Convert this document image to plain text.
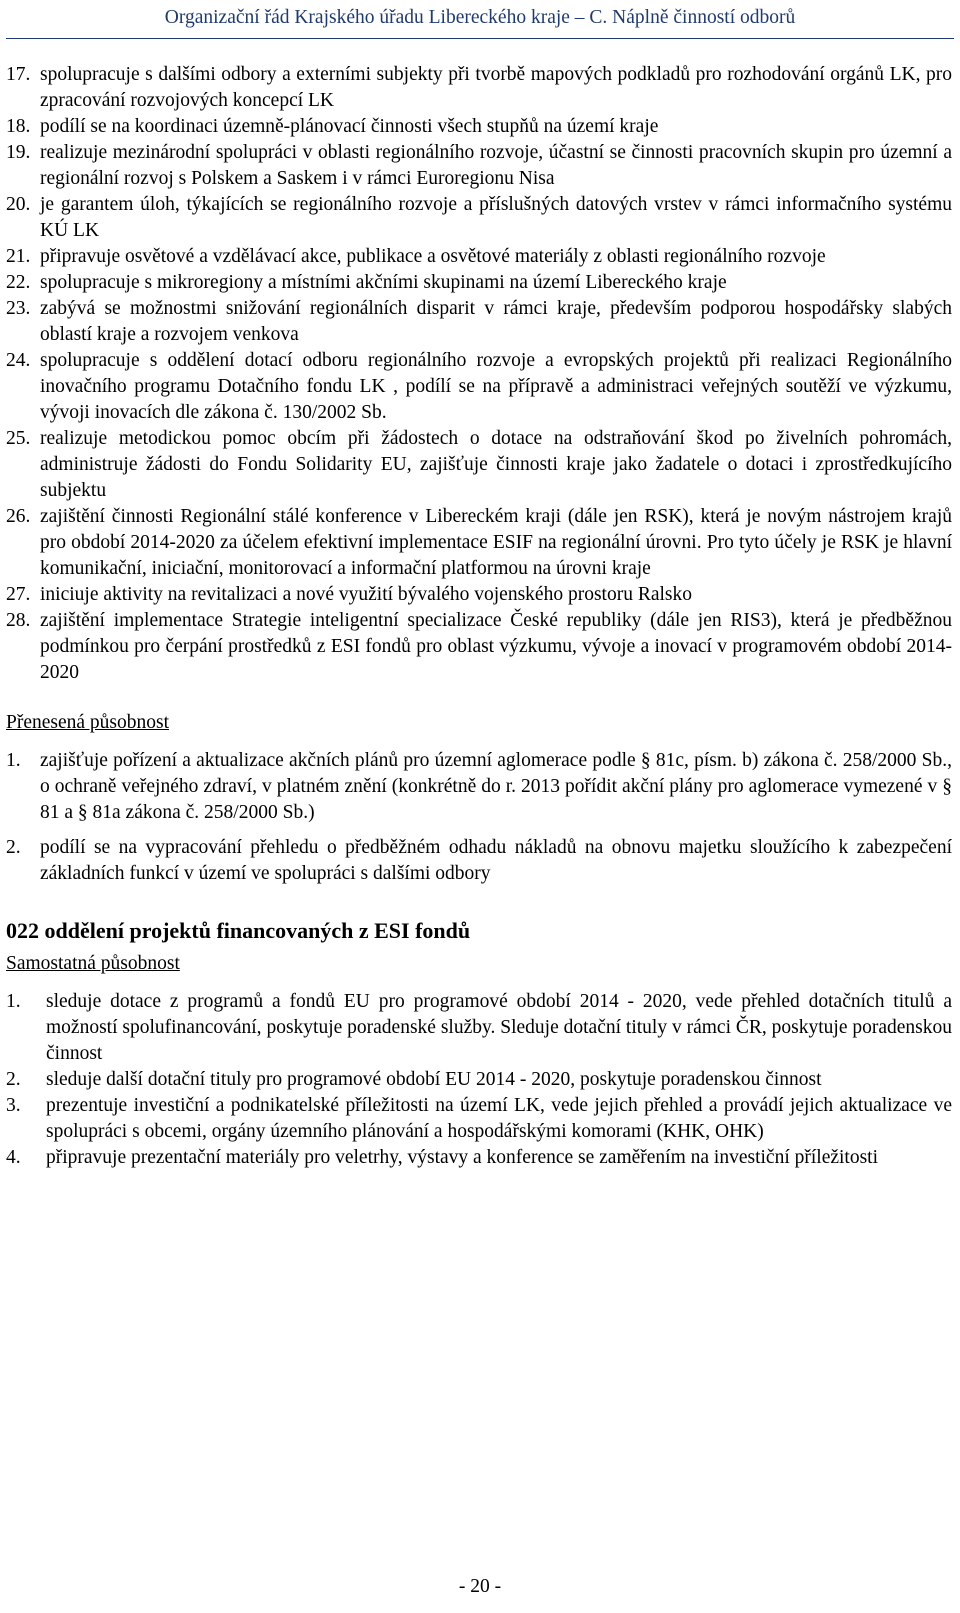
Organizační řád Krajského úřadu Libereckého kraje – C. Náplně činností odborů
17. spolupracuje s dalšími odbory a externími subjekty při tvorbě mapových podkladů pro rozhodování orgánů LK, pro zpracování rozvojových koncepcí LK
18. podílí se na koordinaci územně-plánovací činnosti všech stupňů na území kraje
19. realizuje mezinárodní spolupráci v oblasti regionálního rozvoje, účastní se činnosti pracovních skupin pro územní a regionální rozvoj s Polskem a Saskem i v rámci Euroregionu Nisa
20. je garantem úloh, týkajících se regionálního rozvoje a příslušných datových vrstev v rámci informačního systému KÚ LK
21. připravuje osvětové a vzdělávací akce, publikace a osvětové materiály z oblasti regionálního rozvoje
22. spolupracuje s mikroregiony a místními akčními skupinami na území Libereckého kraje
23. zabývá se možnostmi snižování regionálních disparit v rámci kraje, především podporou hospodářsky slabých oblastí kraje a rozvojem venkova
24. spolupracuje s oddělení dotací odboru regionálního rozvoje a evropských projektů při realizaci Regionálního inovačního programu Dotačního fondu LK , podílí se na přípravě a administraci veřejných soutěží ve výzkumu, vývoji inovacích dle zákona č. 130/2002 Sb.
25. realizuje metodickou pomoc obcím při žádostech o dotace na odstraňování škod po živelních pohromách, administruje žádosti do Fondu Solidarity EU, zajišťuje činnosti kraje jako žadatele o dotaci i zprostředkujícího subjektu
26. zajištění činnosti Regionální stálé konference v Libereckém kraji (dále jen RSK), která je novým nástrojem krajů pro období 2014-2020 za účelem efektivní implementace ESIF na regionální úrovni. Pro tyto účely je RSK je hlavní komunikační, iniciační, monitorovací a informační platformou na úrovni kraje
27. iniciuje aktivity na revitalizaci a nové využití bývalého vojenského prostoru Ralsko
28. zajištění implementace Strategie inteligentní specializace České republiky (dále jen RIS3), která je předběžnou podmínkou pro čerpání prostředků z ESI fondů pro oblast výzkumu, vývoje a inovací v programovém období 2014-2020
Přenesená působnost
1. zajišťuje pořízení a aktualizace akčních plánů pro územní aglomerace podle § 81c, písm. b) zákona č. 258/2000 Sb., o ochraně veřejného zdraví, v platném znění (konkrétně do r. 2013 pořídit akční plány pro aglomerace vymezené v § 81 a § 81a zákona č. 258/2000 Sb.)
2. podílí se na vypracování přehledu o předběžném odhadu nákladů na obnovu majetku sloužícího k zabezpečení základních funkcí v území ve spolupráci s dalšími odbory
022 oddělení projektů financovaných z ESI fondů
Samostatná působnost
1. sleduje dotace z programů a fondů EU pro programové období 2014 - 2020, vede přehled dotačních titulů a možností spolufinancování, poskytuje poradenské služby. Sleduje dotační tituly v rámci ČR, poskytuje poradenskou činnost
2. sleduje další dotační tituly pro programové období EU 2014 - 2020, poskytuje poradenskou činnost
3. prezentuje investiční a podnikatelské příležitosti na území LK, vede jejich přehled a provádí jejich aktualizace ve spolupráci s obcemi, orgány územního plánování a hospodářskými komorami (KHK, OHK)
4. připravuje prezentační materiály pro veletrhy, výstavy a konference se zaměřením na investiční příležitosti
- 20 -
